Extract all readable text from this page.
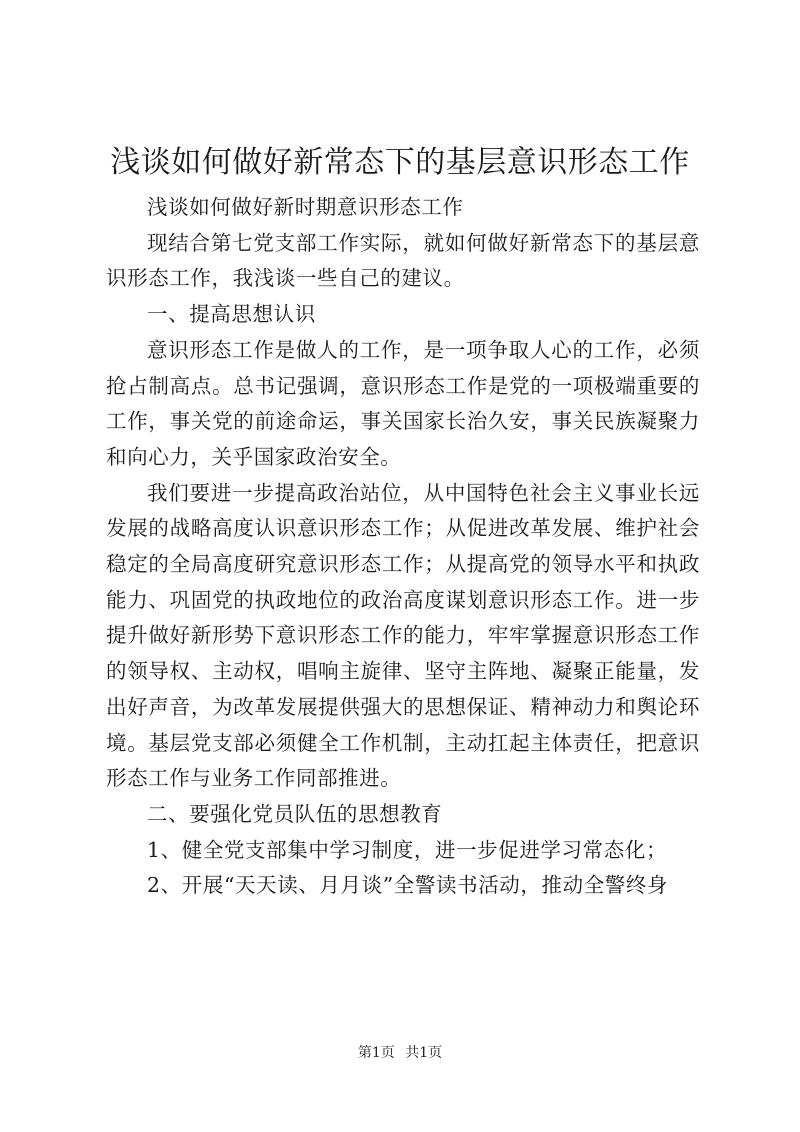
浅谈如何做好新常态下的基层意识形态工作

浅谈如何做好新时期意识形态工作

现结合第七党支部工作实际，就如何做好新常态下的基层意识形态工作，我浅谈一些自己的建议。

一、提高思想认识

意识形态工作是做人的工作，是一项争取人心的工作，必须抢占制高点。总书记强调，意识形态工作是党的一项极端重要的工作，事关党的前途命运，事关国家长治久安，事关民族凝聚力和向心力，关乎国家政治安全。

我们要进一步提高政治站位，从中国特色社会主义事业长远发展的战略高度认识意识形态工作；从促进改革发展、维护社会稳定的全局高度研究意识形态工作；从提高党的领导水平和执政能力、巩固党的执政地位的政治高度谋划意识形态工作。进一步提升做好新形势下意识形态工作的能力，牢牢掌握意识形态工作的领导权、主动权，唱响主旋律、坚守主阵地、凝聚正能量，发出好声音，为改革发展提供强大的思想保证、精神动力和舆论环境。基层党支部必须健全工作机制，主动扛起主体责任，把意识形态工作与业务工作同部推进。

二、要强化党员队伍的思想教育

1、健全党支部集中学习制度，进一步促进学习常态化；

2、开展“天天读、月月谈”全警读书活动，推动全警终身

第1页 共1页
